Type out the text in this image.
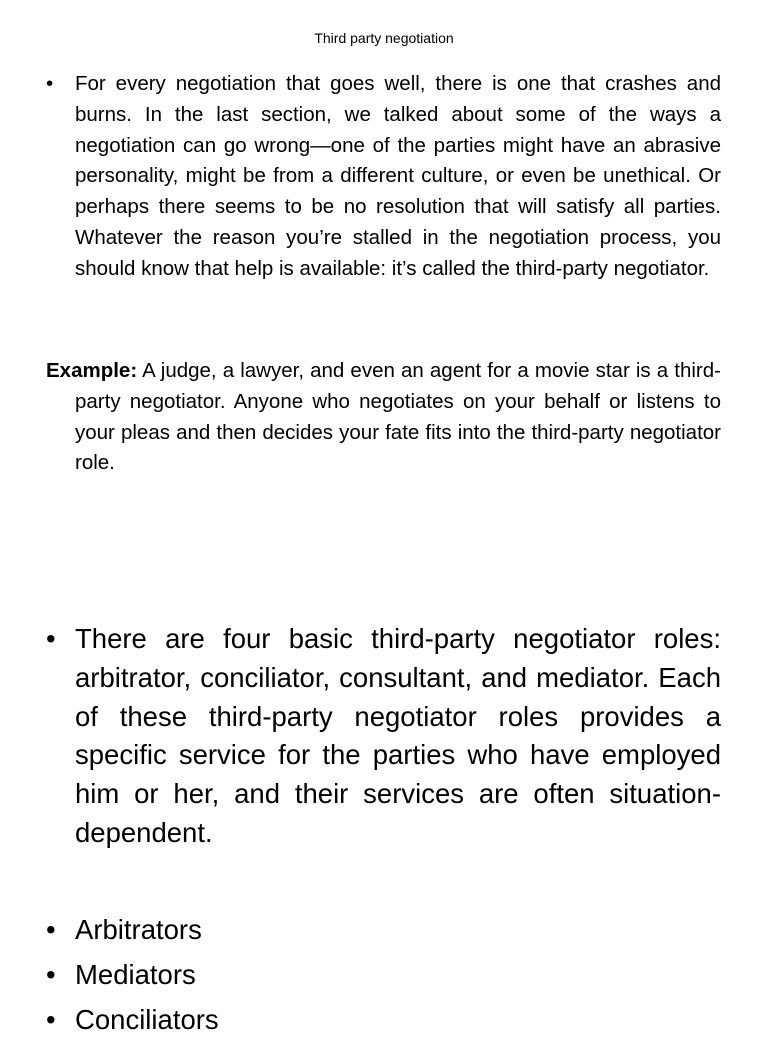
Third party negotiation
• For every negotiation that goes well, there is one that crashes and burns. In the last section, we talked about some of the ways a negotiation can go wrong—one of the parties might have an abrasive personality, might be from a different culture, or even be unethical. Or perhaps there seems to be no resolution that will satisfy all parties. Whatever the reason you’re stalled in the negotiation process, you should know that help is available: it’s called the third-party negotiator.
Example: A judge, a lawyer, and even an agent for a movie star is a third-party negotiator. Anyone who negotiates on your behalf or listens to your pleas and then decides your fate fits into the third-party negotiator role.
• There are four basic third-party negotiator roles: arbitrator, conciliator, consultant, and mediator. Each of these third-party negotiator roles provides a specific service for the parties who have employed him or her, and their services are often situation-dependent.
• Arbitrators
• Mediators
• Conciliators
